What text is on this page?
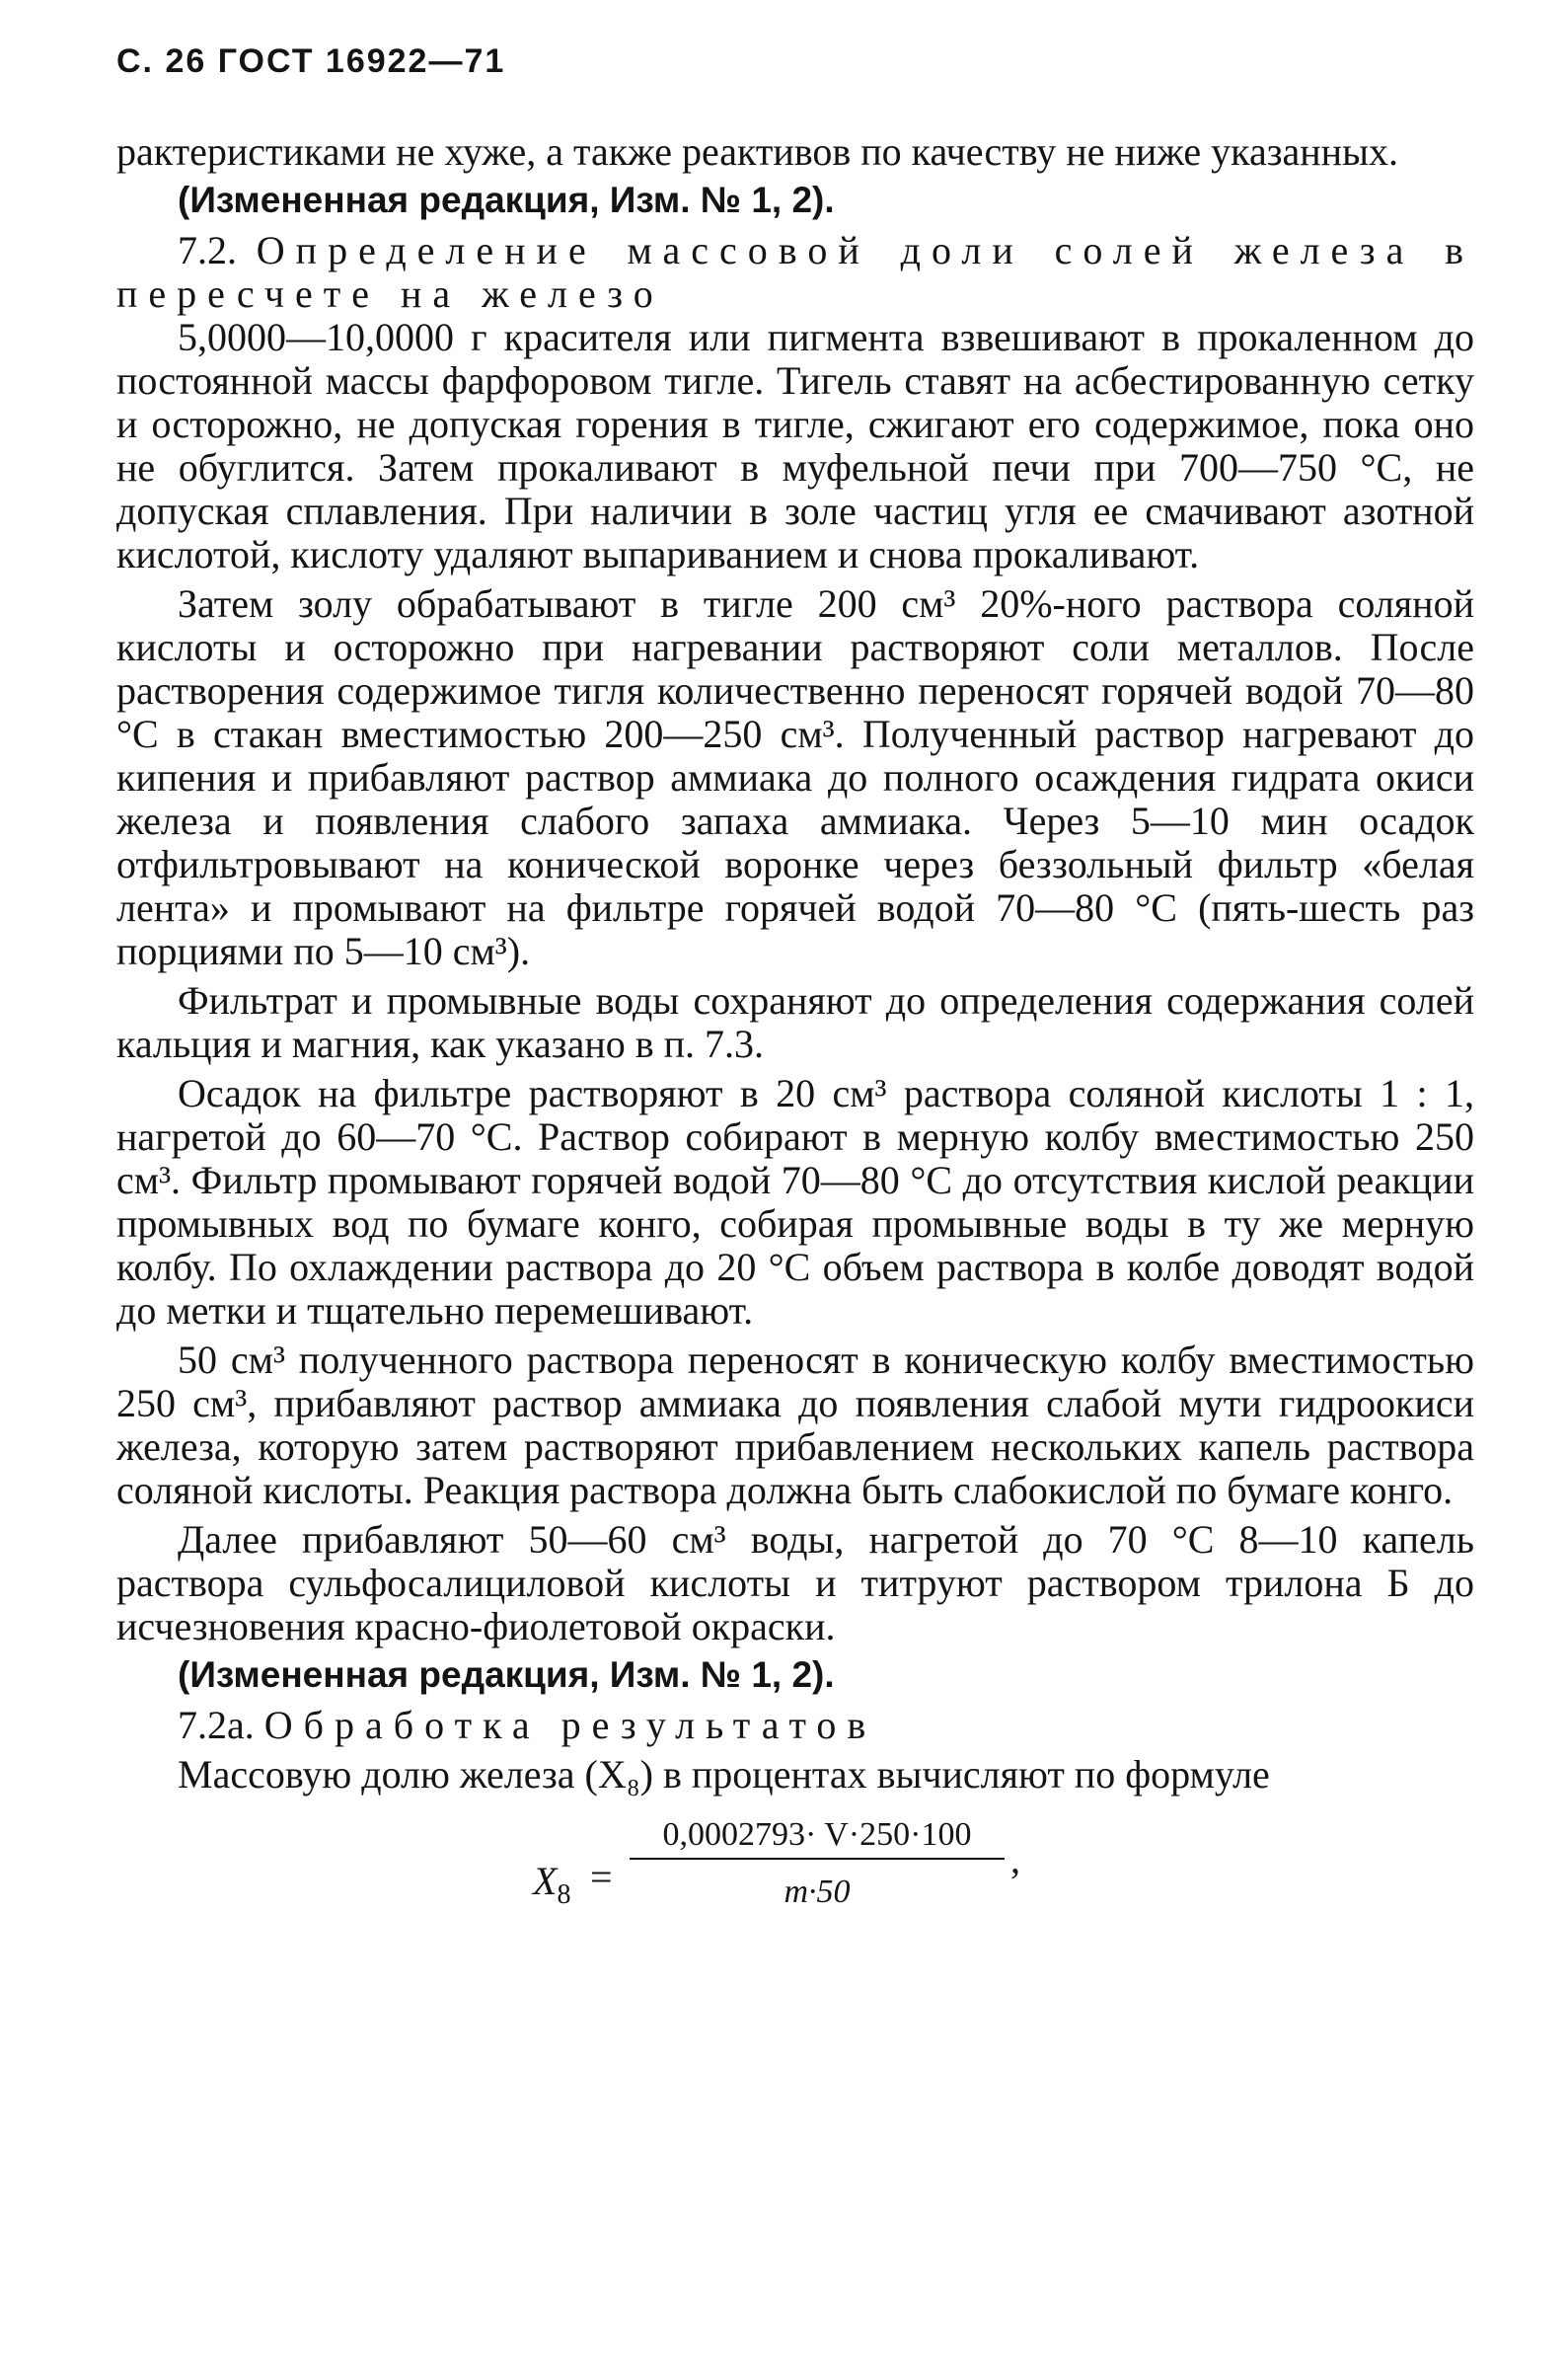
С. 26 ГОСТ 16922—71

рактеристиками не хуже, а также реактивов по качеству не ниже указанных.

(Измененная редакция, Изм. № 1, 2).

7.2. Определение массовой доли солей железа в пересчете на железо

5,0000—10,0000 г красителя или пигмента взвешивают в прокаленном до постоянной массы фарфоровом тигле. Тигель ставят на асбестированную сетку и осторожно, не допуская горения в тигле, сжигают его содержимое, пока оно не обуглится. Затем прокаливают в муфельной печи при 700—750 °С, не допуская сплавления. При наличии в золе частиц угля ее смачивают азотной кислотой, кислоту удаляют выпариванием и снова прокаливают.

Затем золу обрабатывают в тигле 200 см³ 20%-ного раствора соляной кислоты и осторожно при нагревании растворяют соли металлов. После растворения содержимое тигля количественно переносят горячей водой 70—80 °С в стакан вместимостью 200—250 см³. Полученный раствор нагревают до кипения и прибавляют раствор аммиака до полного осаждения гидрата окиси железа и появления слабого запаха аммиака. Через 5—10 мин осадок отфильтровывают на конической воронке через беззольный фильтр «белая лента» и промывают на фильтре горячей водой 70—80 °С (пять-шесть раз порциями по 5—10 см³).

Фильтрат и промывные воды сохраняют до определения содержания солей кальция и магния, как указано в п. 7.3.

Осадок на фильтре растворяют в 20 см³ раствора соляной кислоты 1 : 1, нагретой до 60—70 °С. Раствор собирают в мерную колбу вместимостью 250 см³. Фильтр промывают горячей водой 70—80 °С до отсутствия кислой реакции промывных вод по бумаге конго, собирая промывные воды в ту же мерную колбу. По охлаждении раствора до 20 °С объем раствора в колбе доводят водой до метки и тщательно перемешивают.

50 см³ полученного раствора переносят в коническую колбу вместимостью 250 см³, прибавляют раствор аммиака до появления слабой мути гидроокиси железа, которую затем растворяют прибавлением нескольких капель раствора соляной кислоты. Реакция раствора должна быть слабокислой по бумаге конго.

Далее прибавляют 50—60 см³ воды, нагретой до 70 °С 8—10 капель раствора сульфосалициловой кислоты и титруют раствором трилона Б до исчезновения красно-фиолетовой окраски.

(Измененная редакция, Изм. № 1, 2).

7.2а. Обработка результатов

Массовую долю железа (X₈) в процентах вычисляют по формуле

$X_8$ =
0,0002793· V·250·100
m·50
,
